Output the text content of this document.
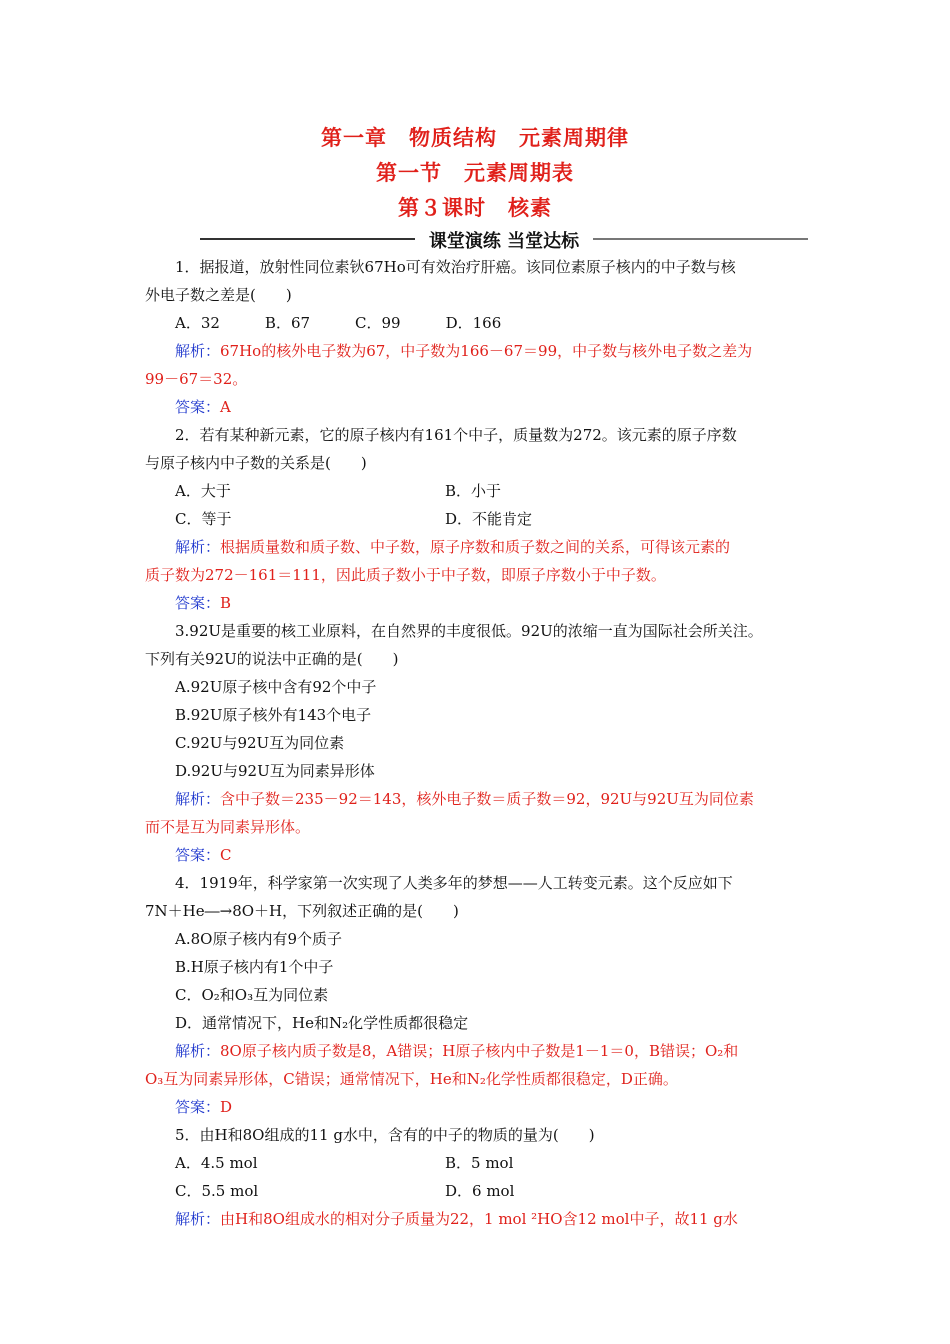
第一章　物质结构　元素周期律
第一节　元素周期表
第３课时　核素
课堂演练 当堂达标
1．据报道，放射性同位素钬67Ho可有效治疗肝癌。该同位素原子核内的中子数与核
外电子数之差是(　　)
A．32　　　B．67　　　C．99　　　D．166
解析：67Ho的核外电子数为67，中子数为166－67＝99，中子数与核外电子数之差为
99－67＝32。
答案：A
2．若有某种新元素，它的原子核内有161个中子，质量数为272。该元素的原子序数
与原子核内中子数的关系是(　　)
A．大于	B．小于
C．等于	D．不能肯定
解析：根据质量数和质子数、中子数，原子序数和质子数之间的关系，可得该元素的
质子数为272－161＝111，因此质子数小于中子数，即原子序数小于中子数。
答案：B
3.92U是重要的核工业原料，在自然界的丰度很低。92U的浓缩一直为国际社会所关注。
下列有关92U的说法中正确的是(　　)
A.92U原子核中含有92个中子
B.92U原子核外有143个电子
C.92U与92U互为同位素
D.92U与92U互为同素异形体
解析：含中子数＝235－92＝143，核外电子数＝质子数＝92，92U与92U互为同位素
而不是互为同素异形体。
答案：C
4．1919年，科学家第一次实现了人类多年的梦想——人工转变元素。这个反应如下
7N＋He―→8O＋H，下列叙述正确的是(　　)
A.8O原子核内有9个质子
B.H原子核内有1个中子
C．O₂和O₃互为同位素
D．通常情况下，He和N₂化学性质都很稳定
解析：8O原子核内质子数是8，A错误；H原子核内中子数是1－1＝0，B错误；O₂和
O₃互为同素异形体，C错误；通常情况下，He和N₂化学性质都很稳定，D正确。
答案：D
5．由H和8O组成的11 g水中，含有的中子的物质的量为(　　)
A．4.5 mol	B．5 mol
C．5.5 mol	D．6 mol
解析：由H和8O组成水的相对分子质量为22，1 mol ²HO含12 mol中子，故11 g水
